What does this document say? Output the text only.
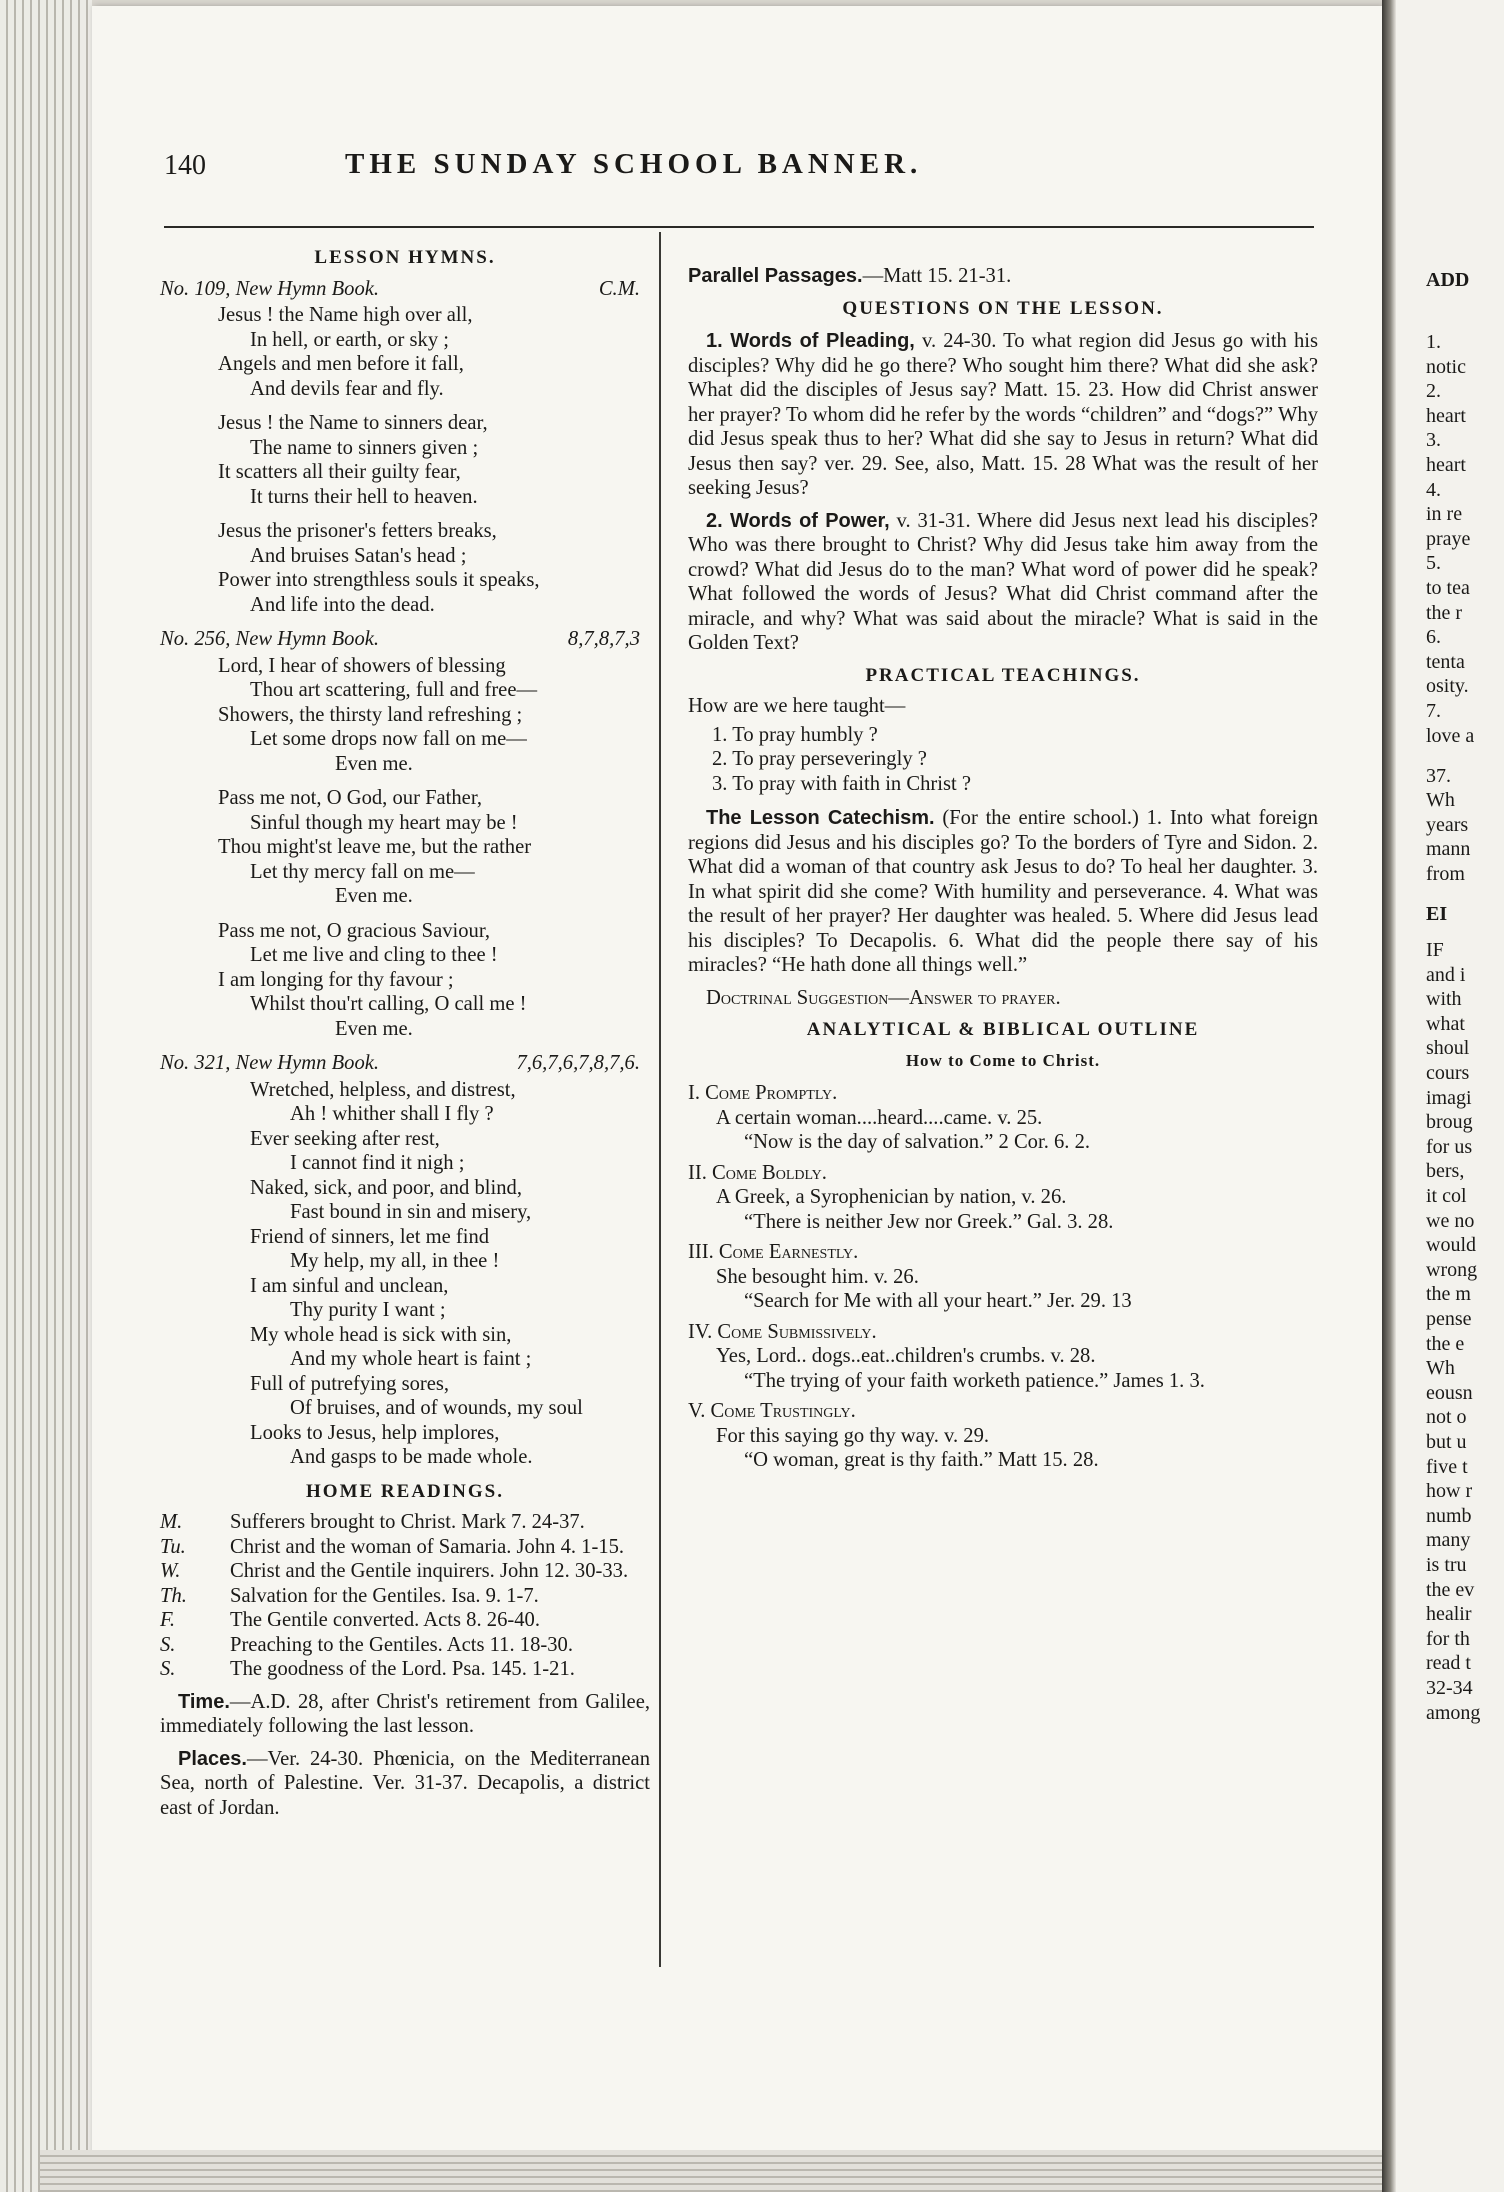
ADD
1.
notic
2.
heart
3.
heart
4.
in re
praye
5.
to tea
the r
6.
tenta
osity.
7.
love a
37.
Wh
years
mann
from
EI
IF
and i
with
what
shoul
cours
imagi
broug
for us
bers,
it col
we no
would
wrong
the m
pense
the e
Wh
eousn
not o
but u
five t
how r
numb
many
is tru
the ev
healir
for th
read t
32-34
among
140	THE SUNDAY SCHOOL BANNER.
LESSON HYMNS.
No. 109, New Hymn Book.	C.M.
Jesus ! the Name high over all,
In hell, or earth, or sky ;
Angels and men before it fall,
And devils fear and fly.
Jesus ! the Name to sinners dear,
The name to sinners given ;
It scatters all their guilty fear,
It turns their hell to heaven.
Jesus the prisoner's fetters breaks,
And bruises Satan's head ;
Power into strengthless souls it speaks,
And life into the dead.
No. 256, New Hymn Book.	8,7,8,7,3
Lord, I hear of showers of blessing
Thou art scattering, full and free—
Showers, the thirsty land refreshing ;
Let some drops now fall on me—
Even me.
Pass me not, O God, our Father,
Sinful though my heart may be !
Thou might'st leave me, but the rather
Let thy mercy fall on me—
Even me.
Pass me not, O gracious Saviour,
Let me live and cling to thee !
I am longing for thy favour ;
Whilst thou'rt calling, O call me !
Even me.
No. 321, New Hymn Book.	7,6,7,6,7,8,7,6.
Wretched, helpless, and distrest,
Ah ! whither shall I fly ?
Ever seeking after rest,
I cannot find it nigh ;
Naked, sick, and poor, and blind,
Fast bound in sin and misery,
Friend of sinners, let me find
My help, my all, in thee !
I am sinful and unclean,
Thy purity I want ;
My whole head is sick with sin,
And my whole heart is faint ;
Full of putrefying sores,
Of bruises, and of wounds, my soul
Looks to Jesus, help implores,
And gasps to be made whole.
HOME READINGS.
M.	Sufferers brought to Christ. Mark 7. 24-37.
Tu.	Christ and the woman of Samaria. John 4. 1-15.
W.	Christ and the Gentile inquirers. John 12. 30-33.
Th.	Salvation for the Gentiles. Isa. 9. 1-7.
F.	The Gentile converted. Acts 8. 26-40.
S.	Preaching to the Gentiles. Acts 11. 18-30.
S.	The goodness of the Lord. Psa. 145. 1-21.
Time.—A.D. 28, after Christ's retirement from Galilee, immediately following the last lesson.
Places.—Ver. 24-30. Phœnicia, on the Mediterranean Sea, north of Palestine. Ver. 31-37. Decapolis, a district east of Jordan.
Parallel Passages.—Matt 15. 21-31.
QUESTIONS ON THE LESSON.
1. Words of Pleading, v. 24-30. To what region did Jesus go with his disciples? Why did he go there? Who sought him there? What did she ask? What did the disciples of Jesus say? Matt. 15. 23. How did Christ answer her prayer? To whom did he refer by the words “children” and “dogs?” Why did Jesus speak thus to her? What did she say to Jesus in return? What did Jesus then say? ver. 29. See, also, Matt. 15. 28 What was the result of her seeking Jesus?
2. Words of Power, v. 31-31. Where did Jesus next lead his disciples? Who was there brought to Christ? Why did Jesus take him away from the crowd? What did Jesus do to the man? What word of power did he speak? What followed the words of Jesus? What did Christ command after the miracle, and why? What was said about the miracle? What is said in the Golden Text?
PRACTICAL TEACHINGS.
How are we here taught—
1. To pray humbly ?
2. To pray perseveringly ?
3. To pray with faith in Christ ?
The Lesson Catechism. (For the entire school.) 1. Into what foreign regions did Jesus and his disciples go? To the borders of Tyre and Sidon. 2. What did a woman of that country ask Jesus to do? To heal her daughter. 3. In what spirit did she come? With humility and perseverance. 4. What was the result of her prayer? Her daughter was healed. 5. Where did Jesus lead his disciples? To Decapolis. 6. What did the people there say of his miracles? “He hath done all things well.”
Doctrinal Suggestion—Answer to prayer.
ANALYTICAL & BIBLICAL OUTLINE
How to Come to Christ.
I. Come Promptly.
A certain woman....heard....came. v. 25.
“Now is the day of salvation.” 2 Cor. 6. 2.
II. Come Boldly.
A Greek, a Syrophenician by nation, v. 26.
“There is neither Jew nor Greek.” Gal. 3. 28.
III. Come Earnestly.
She besought him. v. 26.
“Search for Me with all your heart.” Jer. 29. 13
IV. Come Submissively.
Yes, Lord.. dogs..eat..children's crumbs. v. 28.
“The trying of your faith worketh patience.” James 1. 3.
V. Come Trustingly.
For this saying go thy way. v. 29.
“O woman, great is thy faith.” Matt 15. 28.
